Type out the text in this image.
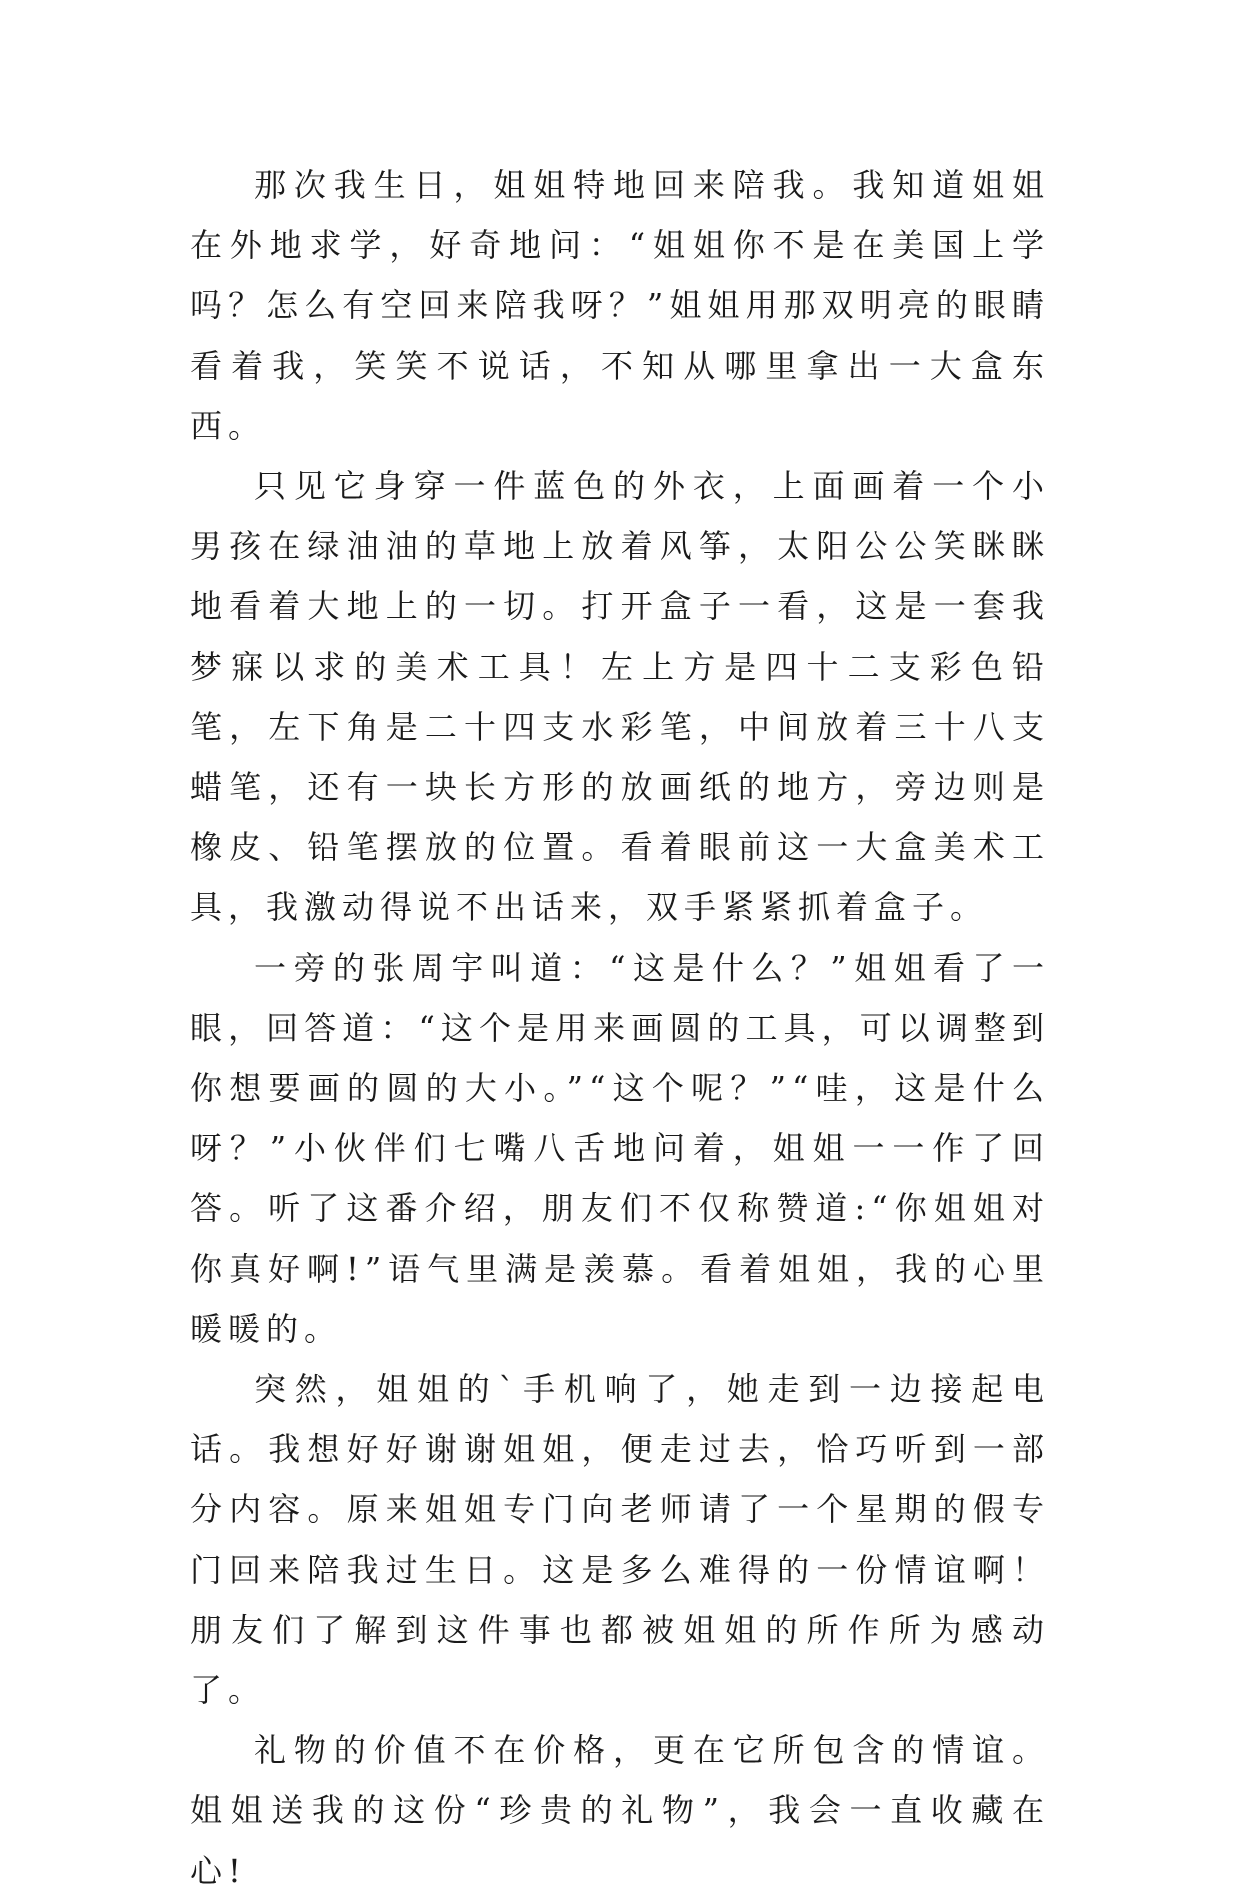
那次我生日，姐姐特地回来陪我。我知道姐姐在外地求学，好奇地问：“姐姐你不是在美国上学吗？怎么有空回来陪我呀？”姐姐用那双明亮的眼睛看着我，笑笑不说话，不知从哪里拿出一大盒东西。

只见它身穿一件蓝色的外衣，上面画着一个小男孩在绿油油的草地上放着风筝，太阳公公笑眯眯地看着大地上的一切。打开盒子一看，这是一套我梦寐以求的美术工具！左上方是四十二支彩色铅笔，左下角是二十四支水彩笔，中间放着三十八支蜡笔，还有一块长方形的放画纸的地方，旁边则是橡皮、铅笔摆放的位置。看着眼前这一大盒美术工具，我激动得说不出话来，双手紧紧抓着盒子。

一旁的张周宇叫道：“这是什么？”姐姐看了一眼，回答道：“这个是用来画圆的工具，可以调整到你想要画的圆的大小。”“这个呢？”“哇，这是什么呀？”小伙伴们七嘴八舌地问着，姐姐一一作了回答。听了这番介绍，朋友们不仅称赞道:“你姐姐对你真好啊!”语气里满是羡慕。看着姐姐，我的心里暖暖的。

突然，姐姐的`手机响了，她走到一边接起电话。我想好好谢谢姐姐，便走过去，恰巧听到一部分内容。原来姐姐专门向老师请了一个星期的假专门回来陪我过生日。这是多么难得的一份情谊啊！朋友们了解到这件事也都被姐姐的所作所为感动了。

礼物的价值不在价格，更在它所包含的情谊。姐姐送我的这份“珍贵的礼物”，我会一直收藏在心!
